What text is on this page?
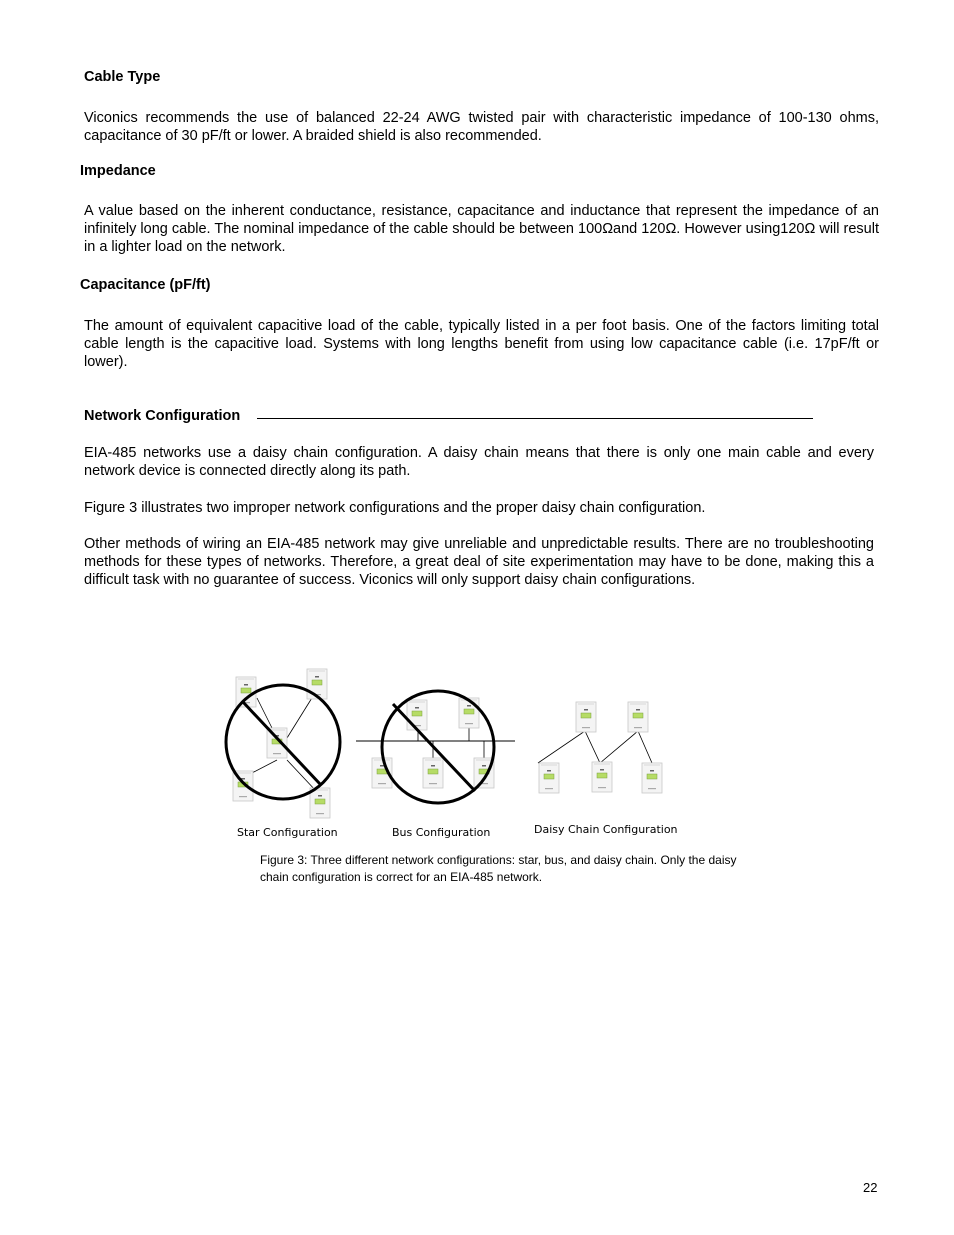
Cable Type
Viconics recommends the use of balanced 22-24 AWG twisted pair with characteristic impedance of 100-130 ohms, capacitance of 30 pF/ft or lower. A braided shield is also recommended.
Impedance
A value based on the inherent conductance, resistance, capacitance and inductance that represent the impedance of an infinitely long cable. The nominal impedance of the cable should be between 100Ωand 120Ω. However using120Ω will result in a lighter load on the network.
Capacitance (pF/ft)
The amount of equivalent capacitive load of the cable, typically listed in a per foot basis. One of the factors limiting total cable length is the capacitive load. Systems with long lengths benefit from using low capacitance cable (i.e. 17pF/ft or lower).
Network Configuration
EIA-485 networks use a daisy chain configuration. A daisy chain means that there is only one main cable and every network device is connected directly along its path.
Figure 3 illustrates two improper network configurations and the proper daisy chain configuration.
Other methods of wiring an EIA-485 network may give unreliable and unpredictable results. There are no troubleshooting methods for these types of networks. Therefore, a great deal of site experimentation may have to be done, making this a difficult task with no guarantee of success. Viconics will only support daisy chain configurations.
Star Configuration	Bus Configuration	Daisy Chain Configuration
Figure 3: Three different network configurations: star, bus, and daisy chain. Only the daisy chain configuration is correct for an EIA-485 network.
22
